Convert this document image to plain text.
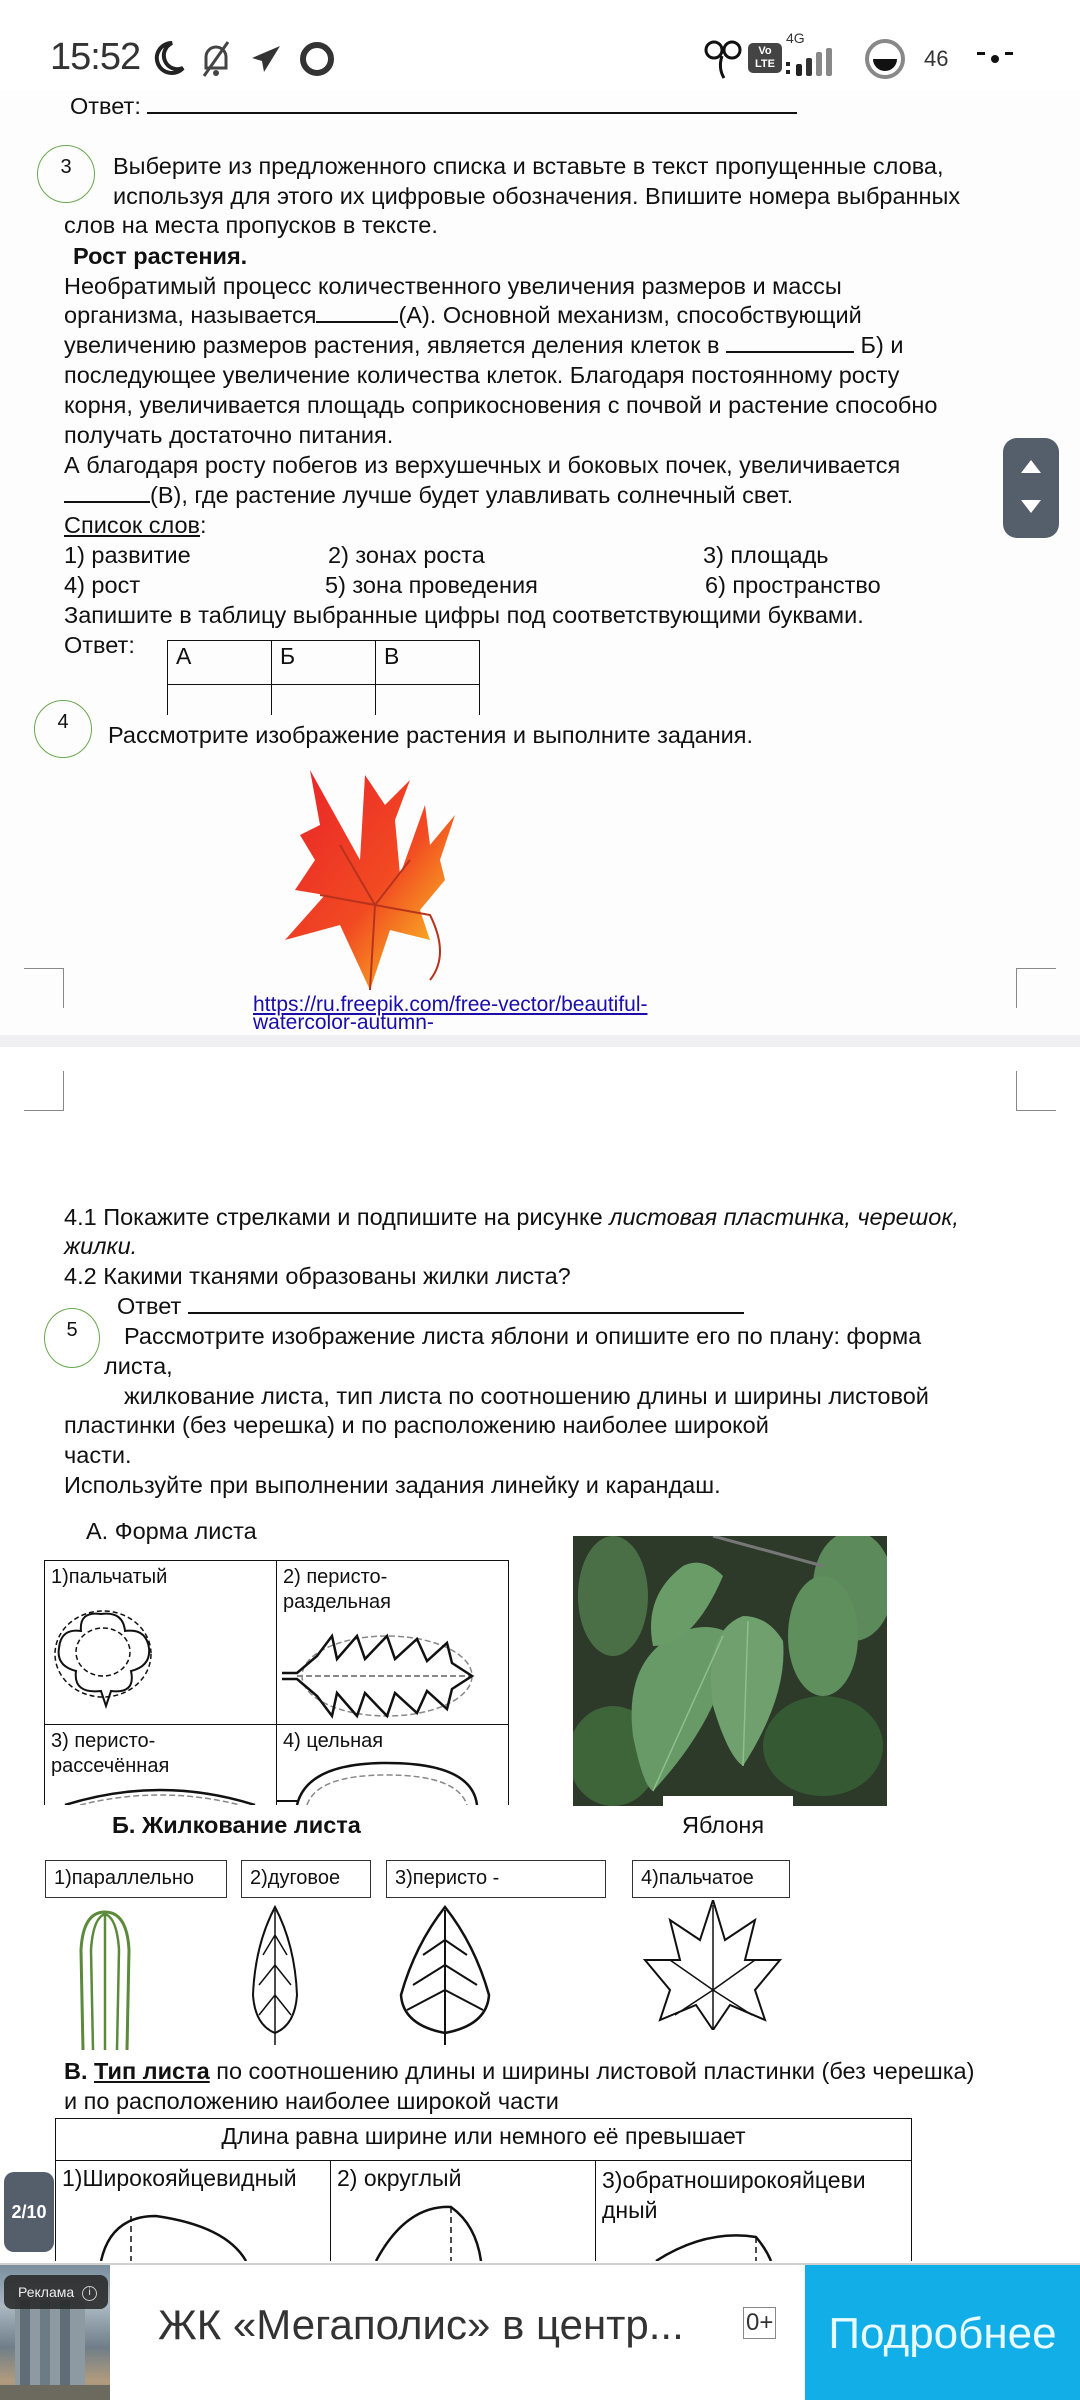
15:52	Vo LTE
4G
46
Ответ:
3	Выберите из предложенного списка и вставьте в текст пропущенные слова,
используя для этого их цифровые обозначения. Впишите номера выбранных
слов на места пропусков в тексте.
Рост растения.
Необратимый процесс количественного увеличения размеров и массы
организма, называется	(А). Основной механизм, способствующий
увеличению размеров растения, является деления клеток в	Б) и
последующее увеличение количества клеток. Благодаря постоянному росту
корня, увеличивается площадь соприкосновения с почвой и растение способно
получать достаточно питания.
А благодаря росту побегов из верхушечных и боковых почек, увеличивается
(В), где растение лучше будет улавливать солнечный свет.
Список слов:
1) развитие	2) зонах роста	3) площадь
4) рост	5) зона проведения	6) пространство
Запишите в таблицу выбранные цифры под соответствующими буквами.
Ответ: А	Б	В

4	Рассмотрите изображение растения и выполните задания.
https://ru.freepik.com/free-vector/beautiful-
watercolor-autumn-
4.1 Покажите стрелками и подпишите на рисунке листовая пластинка, черешок,
жилки.
4.2 Какими тканями образованы жилки листа?
Ответ
5	Рассмотрите изображение листа яблони и опишите его по плану: форма
листа,
жилкование листа, тип листа по соотношению длины и ширины листовой
пластинки (без черешка) и по расположению наиболее широкой
части.
Используйте при выполнении задания линейку и карандаш.
А. Форма листа
1)пальчатый	2) перисто-раздельная

3) перисто-рассечённая	4) цельная
Яблоня
Б. Жилкование листа
1)параллельно	2)дуговое	3)перисто -	4)пальчатое
В. Тип листа по соотношению длины и ширины листовой пластинки (без черешка)
и по расположению наиболее широкой части
Длина равна ширине или немного её превышает

1)Широкояйцевидный	2) округлый	3)обратноширокояйцеви дный
2/10
Реклама i
ЖК «Мегаполис» в центр...	0+	Подробнее
